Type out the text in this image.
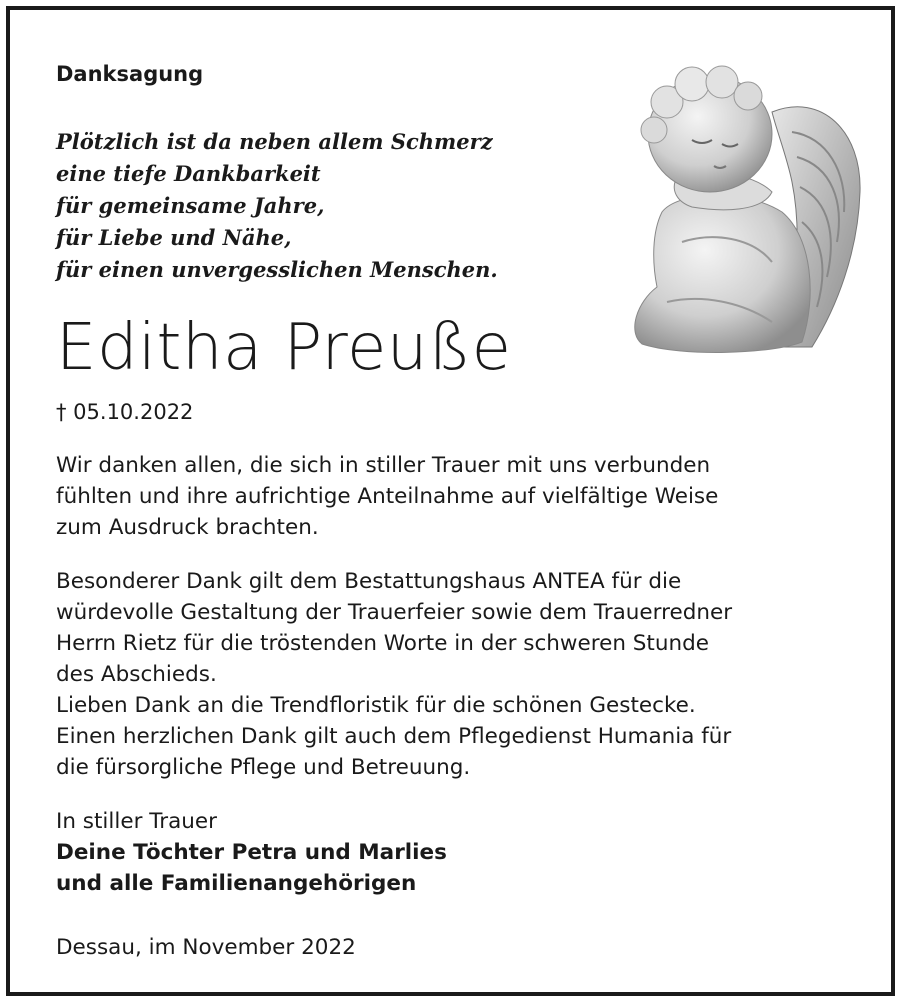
Danksagung
Plötzlich ist da neben allem Schmerz
eine tiefe Dankbarkeit
für gemeinsame Jahre,
für Liebe und Nähe,
für einen unvergesslichen Menschen.
Editha Preuße
† 05.10.2022

Wir danken allen, die sich in stiller Trauer mit uns verbunden
fühlten und ihre aufrichtige Anteilnahme auf vielfältige Weise
zum Ausdruck brachten.

Besonderer Dank gilt dem Bestattungshaus ANTEA für die
würdevolle Gestaltung der Trauerfeier sowie dem Trauerredner
Herrn Rietz für die tröstenden Worte in der schweren Stunde
des Abschieds.
Lieben Dank an die Trendfloristik für die schönen Gestecke.
Einen herzlichen Dank gilt auch dem Pflegedienst Humania für
die fürsorgliche Pflege und Betreuung.

In stiller Trauer
Deine Töchter Petra und Marlies
und alle Familienangehörigen
Dessau, im November 2022
